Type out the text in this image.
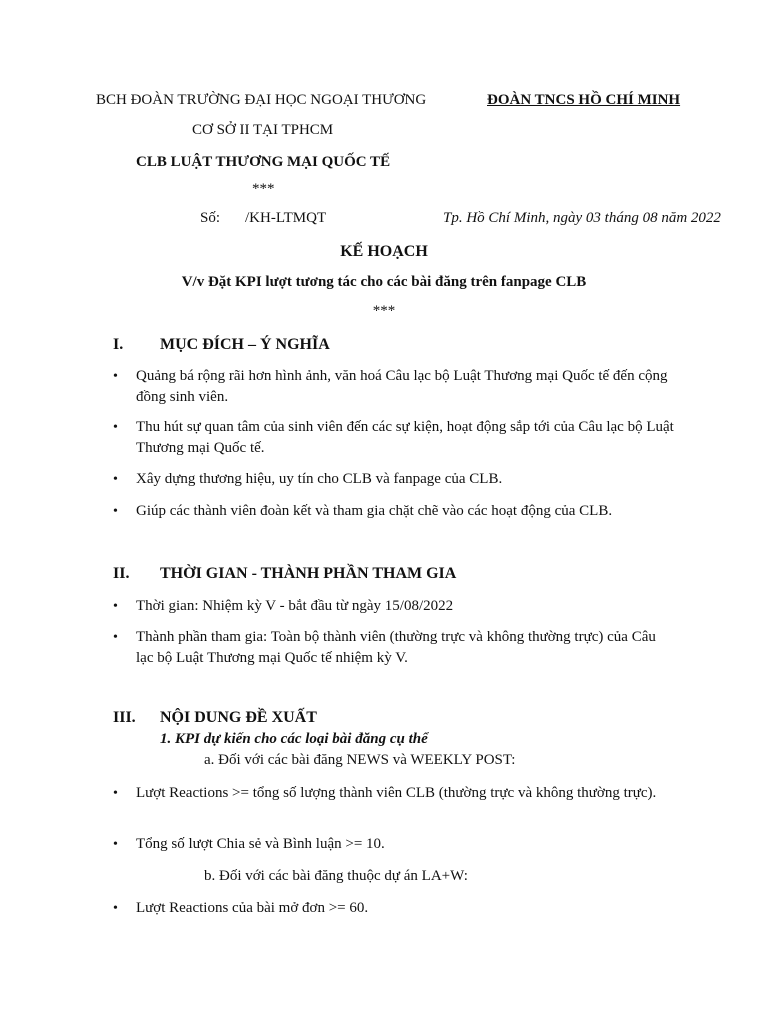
BCH ĐOÀN TRƯỜNG ĐẠI HỌC NGOẠI THƯƠNG	ĐOÀN TNCS HỒ CHÍ MINH
CƠ SỞ II TẠI TPHCM
CLB LUẬT THƯƠNG MẠI QUỐC TẾ
***
Số: /KH-LTMQT	Tp. Hồ Chí Minh, ngày 03 tháng 08 năm 2022
KẾ HOẠCH
V/v Đặt KPI lượt tương tác cho các bài đăng trên fanpage CLB
***
I. MỤC ĐÍCH – Ý NGHĨA
• Quảng bá rộng rãi hơn hình ảnh, văn hoá Câu lạc bộ Luật Thương mại Quốc tế đến cộng đồng sinh viên.
• Thu hút sự quan tâm của sinh viên đến các sự kiện, hoạt động sắp tới của Câu lạc bộ Luật Thương mại Quốc tế.
• Xây dựng thương hiệu, uy tín cho CLB và fanpage của CLB.
• Giúp các thành viên đoàn kết và tham gia chặt chẽ vào các hoạt động của CLB.
II. THỜI GIAN - THÀNH PHẦN THAM GIA
• Thời gian: Nhiệm kỳ V - bắt đầu từ ngày 15/08/2022
• Thành phần tham gia: Toàn bộ thành viên (thường trực và không thường trực) của Câu lạc bộ Luật Thương mại Quốc tế nhiệm kỳ V.
III. NỘI DUNG ĐỀ XUẤT
1. KPI dự kiến cho các loại bài đăng cụ thể
a. Đối với các bài đăng NEWS và WEEKLY POST:
• Lượt Reactions >= tổng số lượng thành viên CLB (thường trực và không thường trực).
• Tổng số lượt Chia sẻ và Bình luận >= 10.
b. Đối với các bài đăng thuộc dự án LA+W:
• Lượt Reactions của bài mở đơn >= 60.
